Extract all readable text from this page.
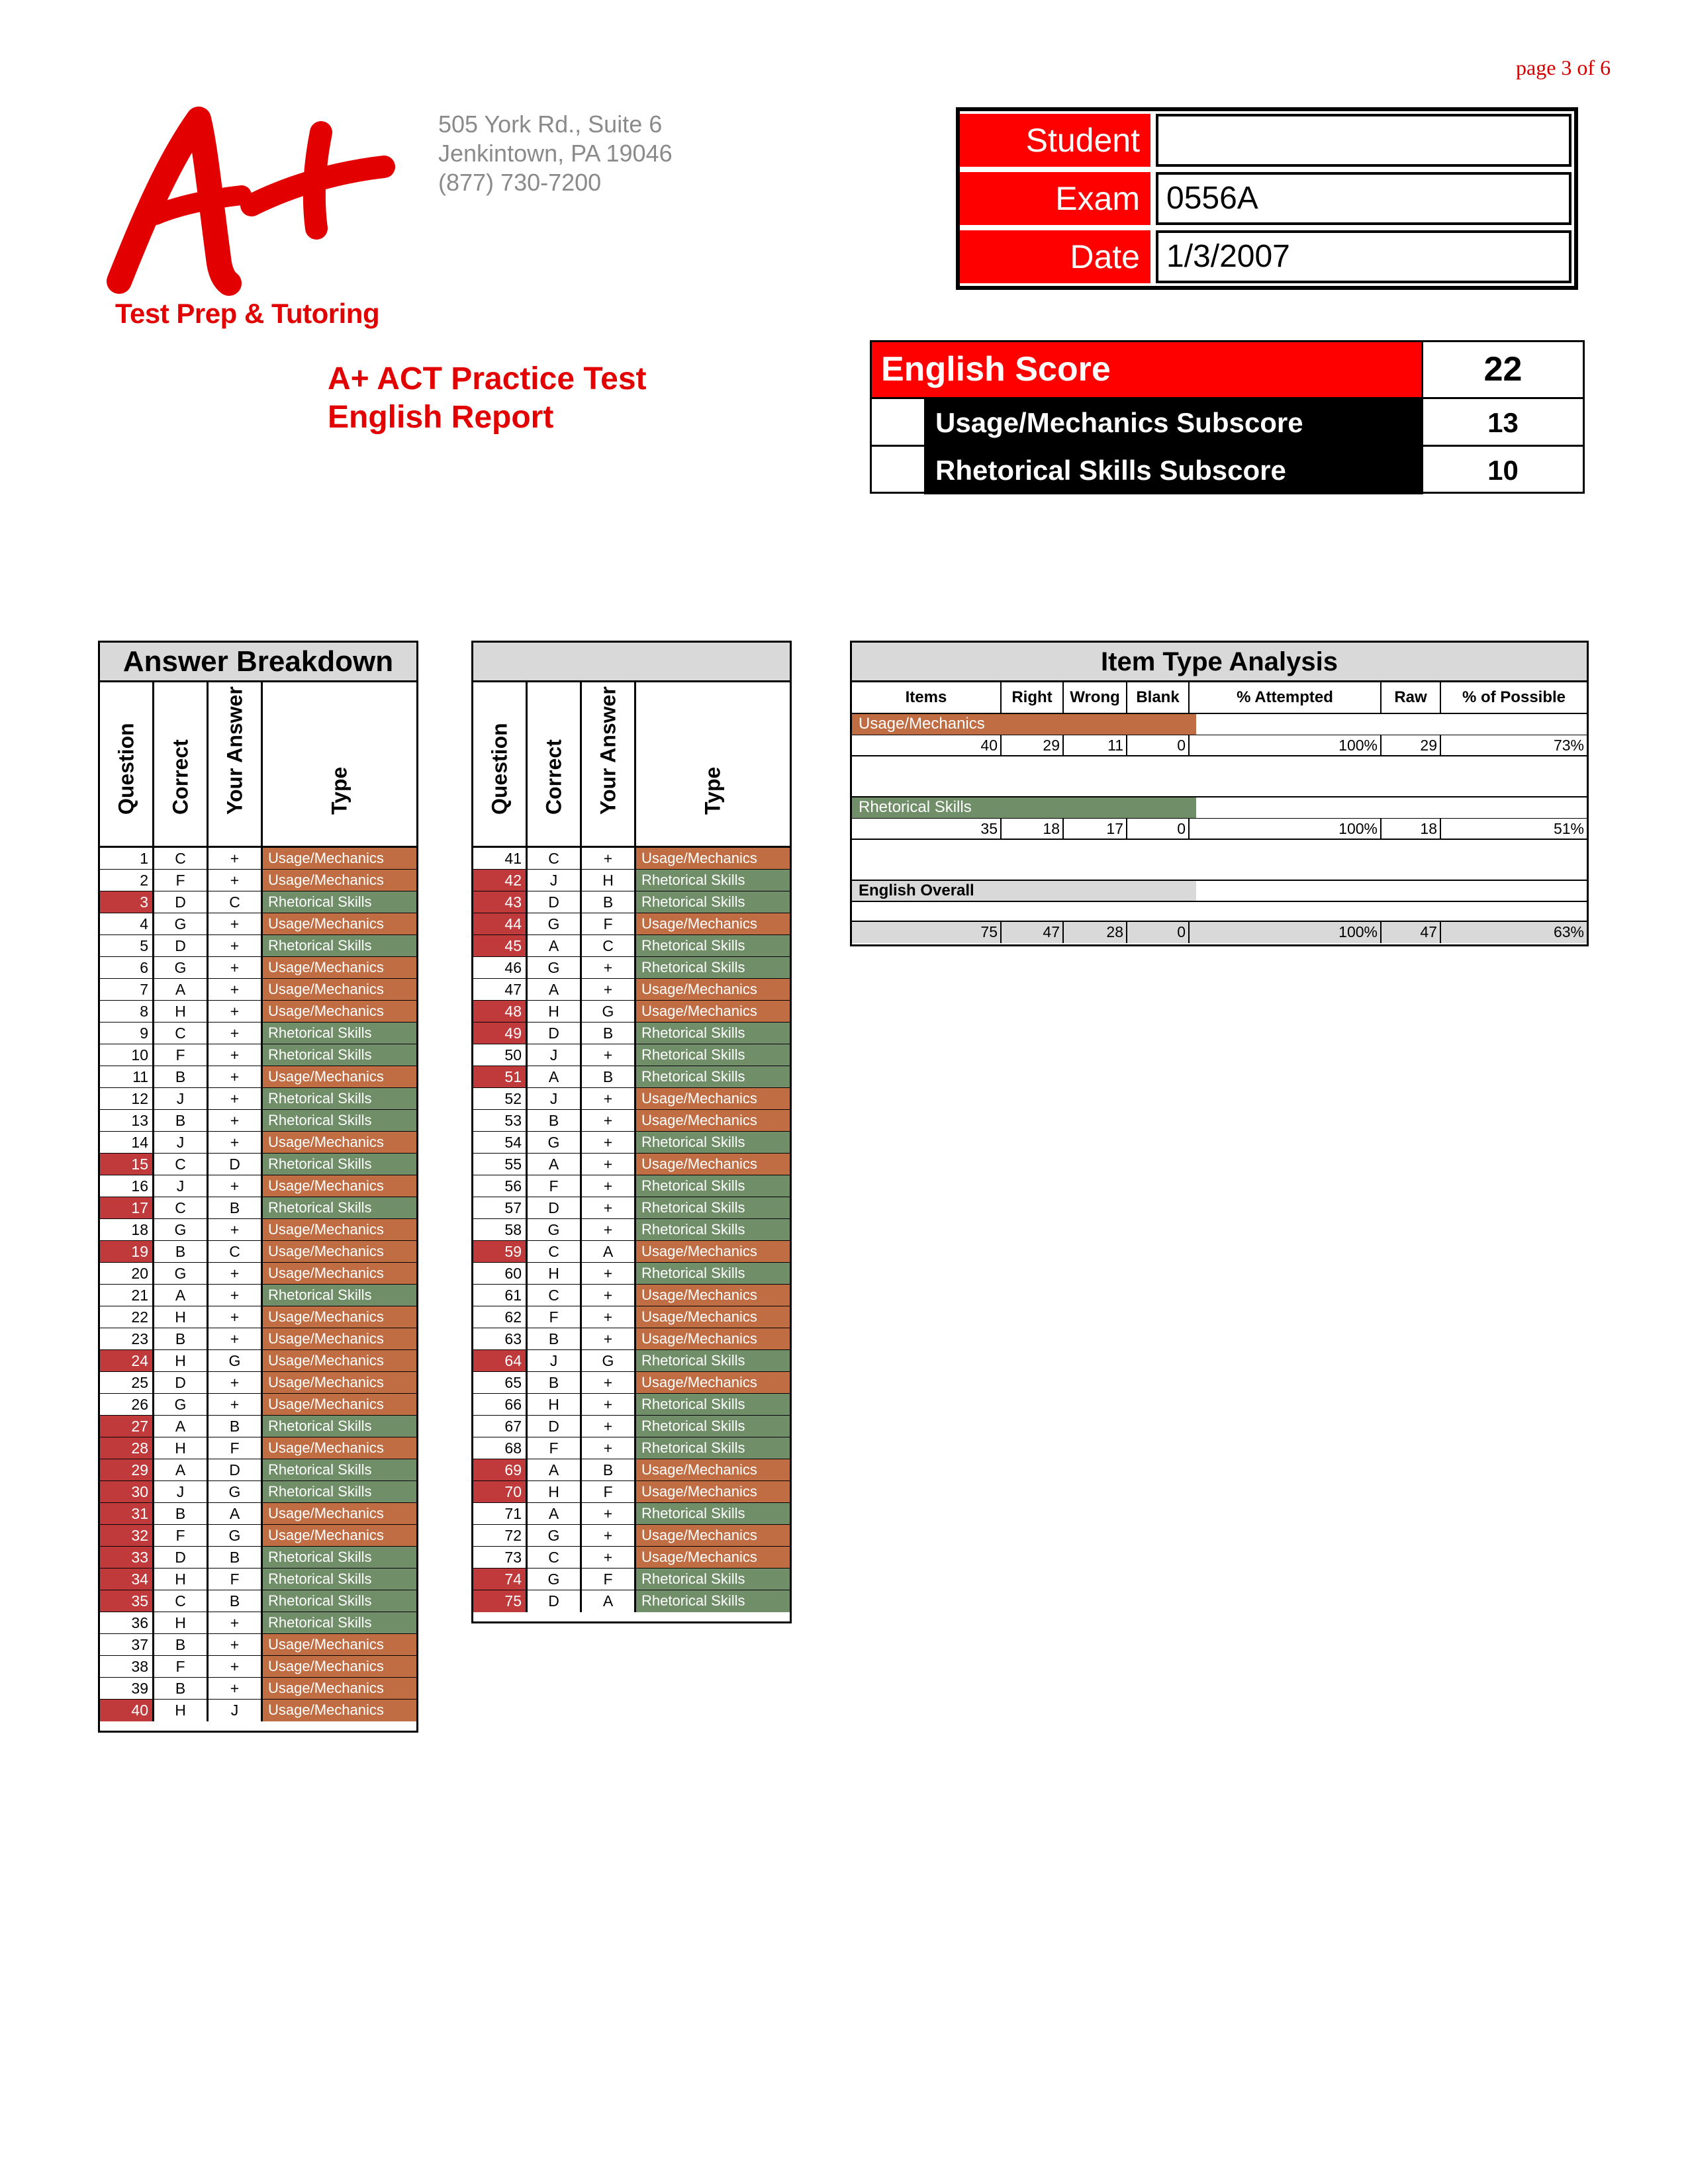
page 3 of 6
Test Prep & Tutoring
505 York Rd., Suite 6
Jenkintown, PA 19046
(877) 730-7200
A+ ACT Practice Test
English Report
Student
Exam 0556A
Date 1/3/2007
English Score	22
Usage/Mechanics Subscore	13
Rhetorical Skills Subscore	10
Answer Breakdown
Question Correct Your Answer	Type
1	C	+	Usage/Mechanics
2	F	+	Usage/Mechanics
3	D	C	Rhetorical Skills
4	G	+	Usage/Mechanics
5	D	+	Rhetorical Skills
6	G	+	Usage/Mechanics
7	A	+	Usage/Mechanics
8	H	+	Usage/Mechanics
9	C	+	Rhetorical Skills
10	F	+	Rhetorical Skills
11	B	+	Usage/Mechanics
12	J	+	Rhetorical Skills
13	B	+	Rhetorical Skills
14	J	+	Usage/Mechanics
15	C	D	Rhetorical Skills
16	J	+	Usage/Mechanics
17	C	B	Rhetorical Skills
18	G	+	Usage/Mechanics
19	B	C	Usage/Mechanics
20	G	+	Usage/Mechanics
21	A	+	Rhetorical Skills
22	H	+	Usage/Mechanics
23	B	+	Usage/Mechanics
24	H	G	Usage/Mechanics
25	D	+	Usage/Mechanics
26	G	+	Usage/Mechanics
27	A	B	Rhetorical Skills
28	H	F	Usage/Mechanics
29	A	D	Rhetorical Skills
30	J	G	Rhetorical Skills
31	B	A	Usage/Mechanics
32	F	G	Usage/Mechanics
33	D	B	Rhetorical Skills
34	H	F	Rhetorical Skills
35	C	B	Rhetorical Skills
36	H	+	Rhetorical Skills
37	B	+	Usage/Mechanics
38	F	+	Usage/Mechanics
39	B	+	Usage/Mechanics
40	H	J	Usage/Mechanics
Question Correct Your Answer	Type
41	C	+	Usage/Mechanics
42	J	H	Rhetorical Skills
43	D	B	Rhetorical Skills
44	G	F	Usage/Mechanics
45	A	C	Rhetorical Skills
46	G	+	Rhetorical Skills
47	A	+	Usage/Mechanics
48	H	G	Usage/Mechanics
49	D	B	Rhetorical Skills
50	J	+	Rhetorical Skills
51	A	B	Rhetorical Skills
52	J	+	Usage/Mechanics
53	B	+	Usage/Mechanics
54	G	+	Rhetorical Skills
55	A	+	Usage/Mechanics
56	F	+	Rhetorical Skills
57	D	+	Rhetorical Skills
58	G	+	Rhetorical Skills
59	C	A	Usage/Mechanics
60	H	+	Rhetorical Skills
61	C	+	Usage/Mechanics
62	F	+	Usage/Mechanics
63	B	+	Usage/Mechanics
64	J	G	Rhetorical Skills
65	B	+	Usage/Mechanics
66	H	+	Rhetorical Skills
67	D	+	Rhetorical Skills
68	F	+	Rhetorical Skills
69	A	B	Usage/Mechanics
70	H	F	Usage/Mechanics
71	A	+	Rhetorical Skills
72	G	+	Usage/Mechanics
73	C	+	Usage/Mechanics
74	G	F	Rhetorical Skills
75	D	A	Rhetorical Skills
Item Type Analysis
Items	Right	Wrong	Blank	% Attempted	Raw	% of Possible
Usage/Mechanics
40	29	11	0	100%	29	73%
Rhetorical Skills
35	18	17	0	100%	18	51%
English Overall
75	47	28	0	100%	47	63%
